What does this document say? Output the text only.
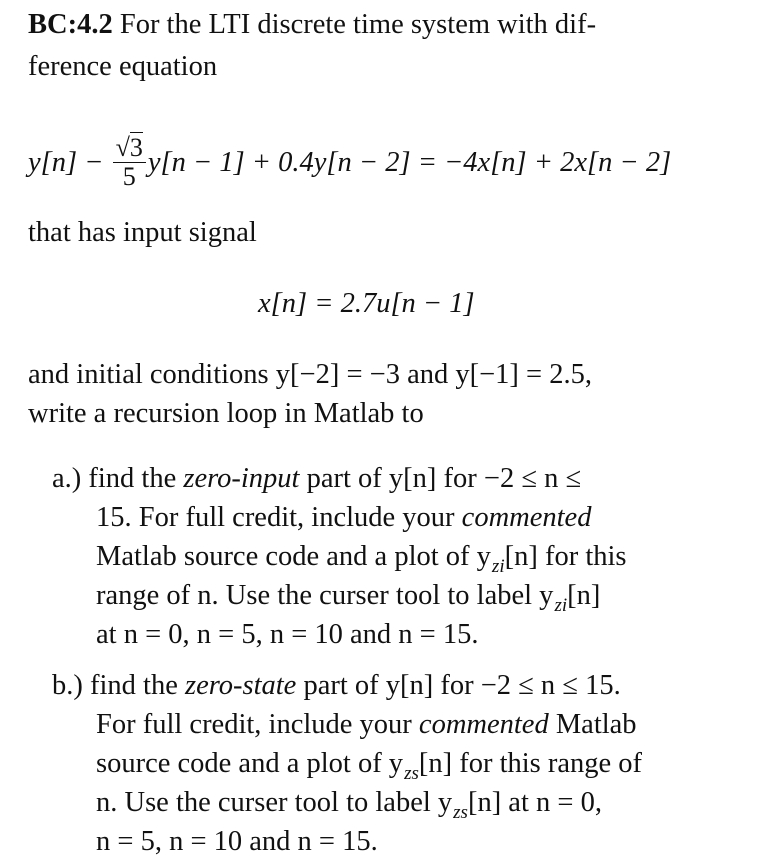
BC:4.2 For the LTI discrete time system with dif-
ference equation
$y[n] - \frac{√3}{5} y[n - 1] + 0.4y[n - 2] = -4x[n] + 2x[n - 2]$
that has input signal
x[n] = 2.7u[n − 1]
and initial conditions y[−2] = −3 and y[−1] = 2.5,
write a recursion loop in Matlab to
a.) find the zero-input part of y[n] for −2 ≤ n ≤
15. For full credit, include your commented
Matlab source code and a plot of $y_{zi}[n]$ for this
range of n. Use the curser tool to label $y_{zi}[n]$
at n = 0, n = 5, n = 10 and n = 15.
b.) find the zero-state part of y[n] for −2 ≤ n ≤ 15.
For full credit, include your commented Matlab
source code and a plot of $y_{zs}[n]$ for this range of
n. Use the curser tool to label $y_{zs}[n]$ at n = 0,
n = 5, n = 10 and n = 15.
